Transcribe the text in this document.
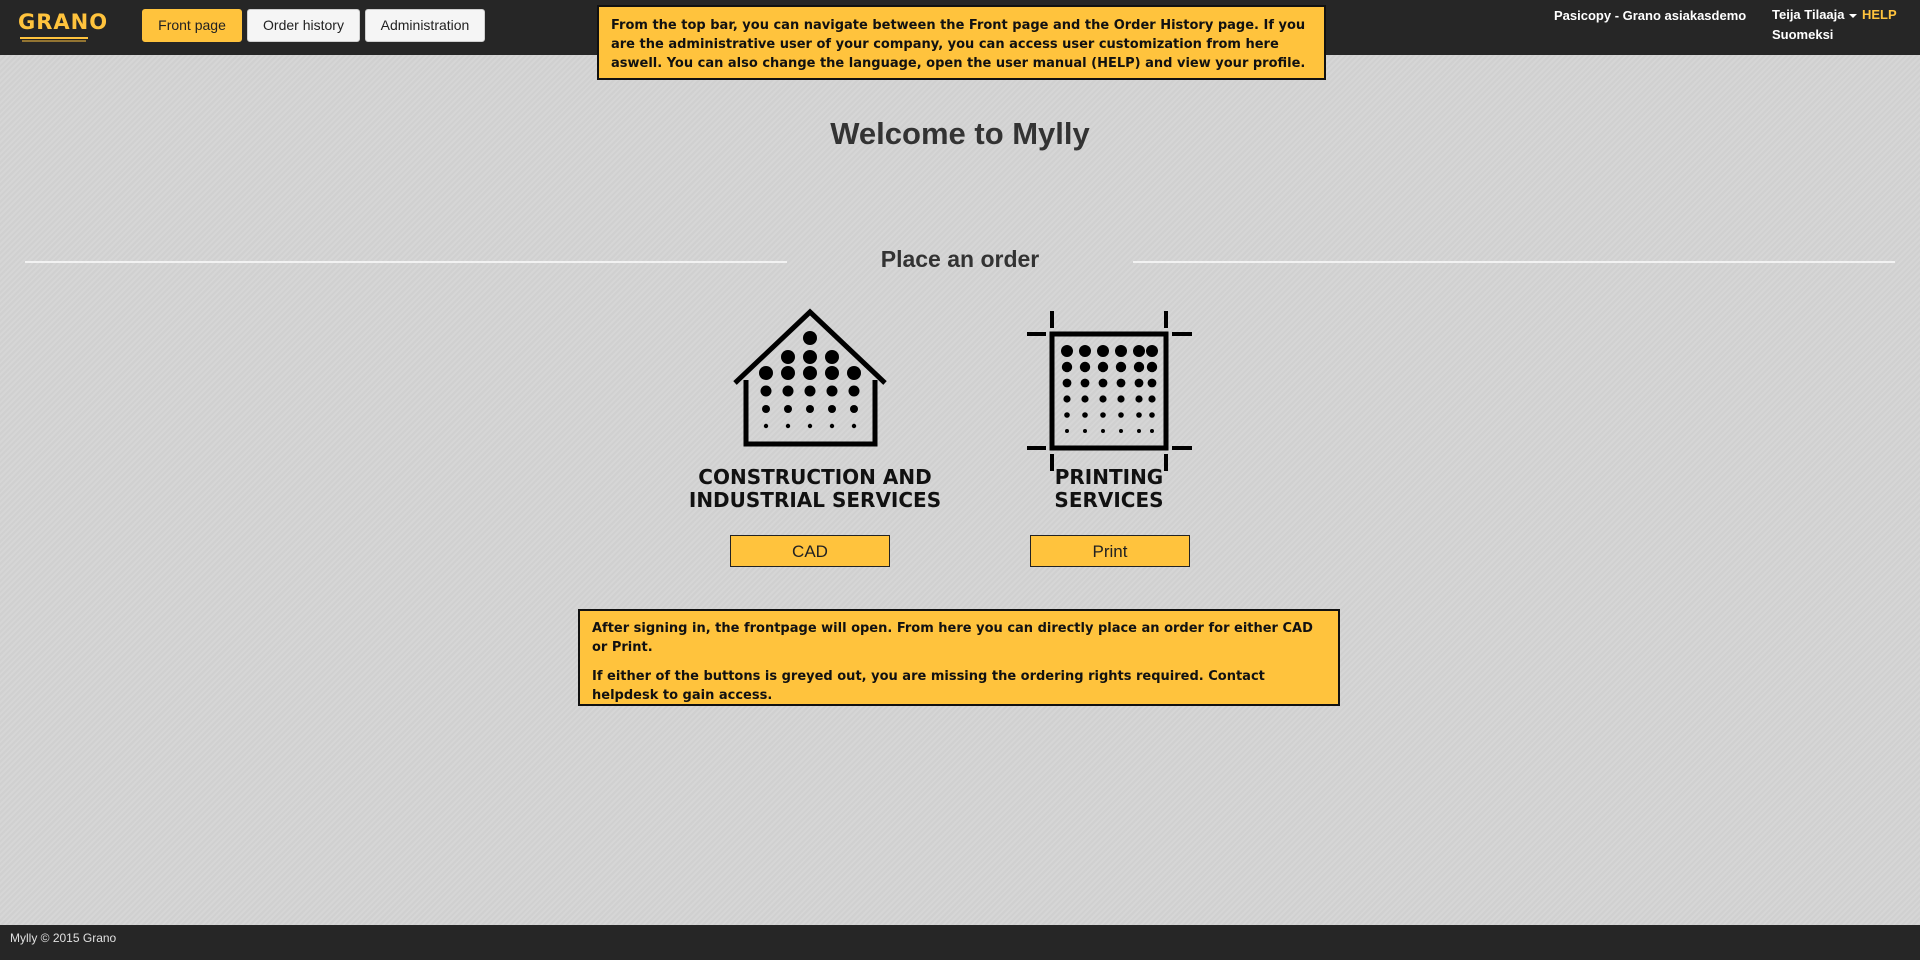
GRANO	Front page	Order history	Administration
Pasicopy - Grano asiakasdemo Teija Tilaaja	HELP
Suomeksi
From the top bar, you can navigate between the Front page and the Order History page. If you are the administrative user of your company, you can access user customization from here aswell. You can also change the language, open the user manual (HELP) and view your profile.
Welcome to Mylly
Place an order
CONSTRUCTION AND
INDUSTRIAL SERVICES
PRINTING
SERVICES
CAD	Print

After signing in, the frontpage will open. From here you can directly place an order for either CAD or Print.

If either of the buttons is greyed out, you are missing the ordering rights required. Contact helpdesk to gain access.

Mylly © 2015 Grano
